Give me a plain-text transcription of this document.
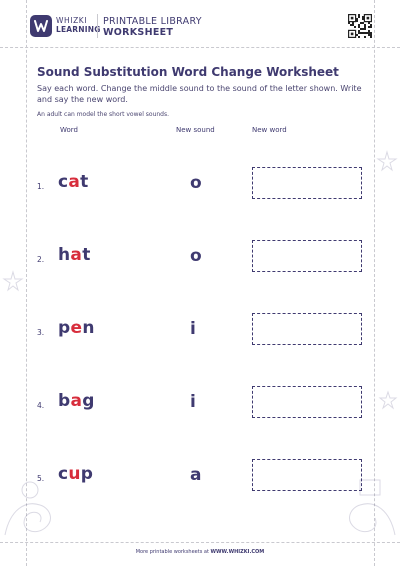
WHIZKI
LEARNING
PRINTABLE LIBRARY
WORKSHEET
Sound Substitution Word Change Worksheet
Say each word. Change the middle sound to the sound of the letter shown. Write and say the new word.
An adult can model the short vowel sounds.
Word	New sound	New word
1. cat	o
2. hat	o
3. pen	i
4. bag	i
5. cup	a
More printable worksheets at WWW.WHIZKI.COM
